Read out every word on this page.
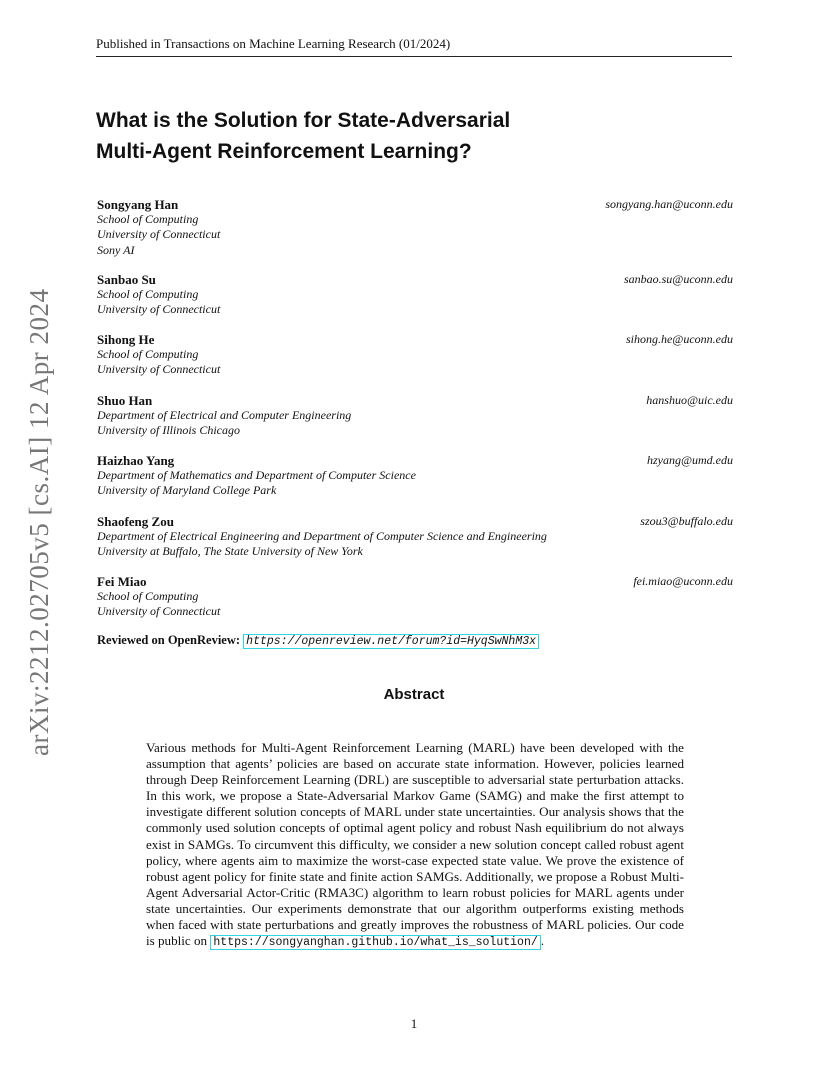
Published in Transactions on Machine Learning Research (01/2024)
arXiv:2212.02705v5 [cs.AI] 12 Apr 2024
What is the Solution for State-Adversarial
Multi-Agent Reinforcement Learning?
Songyang Han	songyang.han@uconn.edu
School of Computing
University of Connecticut
Sony AI
Sanbao Su	sanbao.su@uconn.edu
School of Computing
University of Connecticut
Sihong He	sihong.he@uconn.edu
School of Computing
University of Connecticut
Shuo Han	hanshuo@uic.edu
Department of Electrical and Computer Engineering
University of Illinois Chicago
Haizhao Yang	hzyang@umd.edu
Department of Mathematics and Department of Computer Science
University of Maryland College Park
Shaofeng Zou	szou3@buffalo.edu
Department of Electrical Engineering and Department of Computer Science and Engineering
University at Buffalo, The State University of New York
Fei Miao	fei.miao@uconn.edu
School of Computing
University of Connecticut
Reviewed on OpenReview: https://openreview.net/forum?id=HyqSwNhM3x
Abstract

Various methods for Multi-Agent Reinforcement Learning (MARL) have been developed with the assumption that agents’ policies are based on accurate state information. However, policies learned through Deep Reinforcement Learning (DRL) are susceptible to adversarial state perturbation attacks. In this work, we propose a State-Adversarial Markov Game (SAMG) and make the first attempt to investigate different solution concepts of MARL under state uncertainties. Our analysis shows that the commonly used solution concepts of optimal agent policy and robust Nash equilibrium do not always exist in SAMGs. To circumvent this difficulty, we consider a new solution concept called robust agent policy, where agents aim to maximize the worst-case expected state value. We prove the existence of robust agent policy for finite state and finite action SAMGs. Additionally, we propose a Robust Multi-Agent Adversarial Actor-Critic (RMA3C) algorithm to learn robust policies for MARL agents under state uncertainties. Our experiments demonstrate that our algorithm outperforms existing methods when faced with state perturbations and greatly improves the robustness of MARL policies. Our code is public on https://songyanghan.github.io/what_is_solution/ .

1
